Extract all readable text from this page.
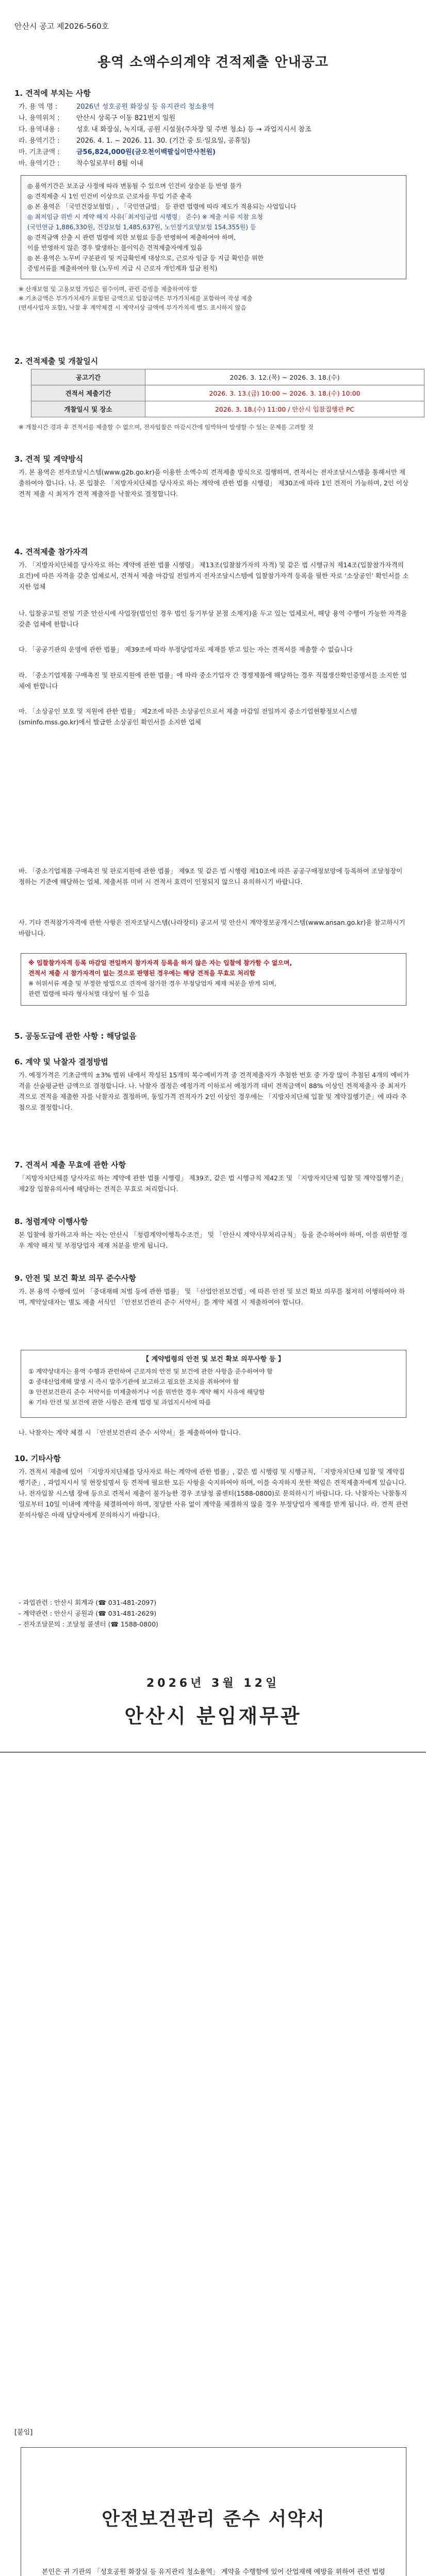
안산시 공고 제2026-560호
용역 소액수의계약 견적제출 안내공고
1. 견적에 부치는 사항
가. 용 역 명 :	2026년 성호공원 화장실 등 유지관리 청소용역
나. 용역위치 : 안산시 상록구 이동 821번지 일원
다. 용역내용 : 성호 내 화장실, 녹지대, 공원 시설물(주차장 및 주변 청소) 등 → 과업지시서 참조
라. 용역기간 : 2026. 4. 1. ~ 2026. 11. 30. (기간 중 토·일요일, 공휴일)
마. 기초금액 : 금56,824,000원(금오천이백팔십이만사천원)
바. 용역기간 : 착수일로부터 8월 이내

◎ 용역기간은 보조금 사정에 따라 변동될 수 있으며 인건비 상승분 등 반영 불가

◎ 견적제출 시 1인 인건비 이상으로 근로자를 투입 기준 충족

◎ 본 용역은 「국민건강보험법」, 「국민연금법」 등 관련 법령에 따라 제도가 적용되는 사업입니다

◎ 최저임금 위반 시 계약 해지 사유(「최저임금법 시행령」 준수) ※ 제출 서류 지참 요청

(국민연금 1,886,330원, 건강보험 1,485,637원, 노인장기요양보험 154,355원) 등

◎ 견적금액 산출 시 관련 법령에 의한 보험료 등을 반영하여 제출하여야 하며,

이를 반영하지 않은 경우 발생하는 불이익은 견적제출자에게 있음

◎ 본 용역은 노무비 구분관리 및 지급확인제 대상으로, 근로자 임금 등 지급 확인을 위한

증빙서류를 제출하여야 함 (노무비 지급 시 근로자 개인계좌 입금 원칙)

※ 산재보험 및 고용보험 가입은 필수이며, 관련 증빙을 제출하여야 함
※ 기초금액은 부가가치세가 포함된 금액으로 입찰금액은 부가가치세를 포함하여 작성 제출
(면세사업자 포함), 낙찰 후 계약체결 시 계약서상 금액에 부가가치세 별도 표시하지 않음
2. 견적제출 및 개찰일시
공고기간	2026. 3. 12.(목) ~ 2026. 3. 18.(수)
견적서 제출기간	2026. 3. 13.(금) 10:00 ~ 2026. 3. 18.(수) 10:00
개찰일시 및 장소	2026. 3. 18.(수) 11:00 / 안산시 입찰집행관 PC
※ 개찰시간 경과 후 견적서를 제출할 수 없으며, 전자입찰은 마감시간에 임박하여 발생할 수 있는 문제를 고려할 것
3. 견적 및 계약방식
가. 본 용역은 전자조달시스템(www.g2b.go.kr)을 이용한 소액수의 견적제출 방식으로 집행하며, 견적서는 전자조달시스템을 통해서만 제출하여야 합니다. 나. 본 입찰은 「지방자치단체를 당사자로 하는 계약에 관한 법률 시행령」 제30조에 따라 1인 견적이 가능하며, 2인 이상 견적 제출 시 최저가 견적 제출자를 낙찰자로 결정합니다.
4. 견적제출 참가자격
가. 「지방자치단체를 당사자로 하는 계약에 관한 법률 시행령」 제13조(입찰참가자의 자격) 및 같은 법 시행규칙 제14조(입찰참가자격의 요건)에 따른 자격을 갖춘 업체로서, 견적서 제출 마감일 전일까지 전자조달시스템에 입찰참가자격 등록을 필한 자로 ‘소상공인’ 확인서를 소지한 업체
나. 입찰공고일 전일 기준 안산시에 사업장(법인인 경우 법인 등기부상 본점 소재지)을 두고 있는 업체로서, 해당 용역 수행이 가능한 자격을 갖춘 업체에 한합니다
다. 「공공기관의 운영에 관한 법률」 제39조에 따라 부정당업자로 제재를 받고 있는 자는 견적서를 제출할 수 없습니다
라. 「중소기업제품 구매촉진 및 판로지원에 관한 법률」에 따라 중소기업자 간 경쟁제품에 해당하는 경우 직접생산확인증명서를 소지한 업체에 한합니다
마. 「소상공인 보호 및 지원에 관한 법률」 제2조에 따른 소상공인으로서 제출 마감일 전일까지 중소기업현황정보시스템(sminfo.mss.go.kr)에서 발급한 소상공인 확인서를 소지한 업체
바. 「중소기업제품 구매촉진 및 판로지원에 관한 법률」 제9조 및 같은 법 시행령 제10조에 따른 공공구매정보망에 등록하여 조달청장이 정하는 기준에 해당하는 업체. 제출서류 미비 시 견적서 효력이 인정되지 않으니 유의하시기 바랍니다.
사. 기타 견적참가자격에 관한 사항은 전자조달시스템(나라장터) 공고서 및 안산시 계약정보공개시스템(www.ansan.go.kr)을 참고하시기 바랍니다.

※ 입찰참가자격 등록 마감일 전일까지 참가자격 등록을 하지 않은 자는 입찰에 참가할 수 없으며,

견적서 제출 시 참가자격이 없는 것으로 판명된 경우에는 해당 견적을 무효로 처리함

※ 허위서류 제출 및 부정한 방법으로 견적에 참가한 경우 부정당업자 제재 처분을 받게 되며,

관련 법령에 따라 형사처벌 대상이 될 수 있음

5. 공동도급에 관한 사항 : 해당없음
6. 계약 및 낙찰자 결정방법
가. 예정가격은 기초금액의 ±3% 범위 내에서 작성된 15개의 복수예비가격 중 견적제출자가 추첨한 번호 중 가장 많이 추첨된 4개의 예비가격을 산술평균한 금액으로 결정합니다. 나. 낙찰자 결정은 예정가격 이하로서 예정가격 대비 견적금액이 88% 이상인 견적제출자 중 최저가격으로 견적을 제출한 자를 낙찰자로 결정하며, 동일가격 견적자가 2인 이상인 경우에는 「지방자치단체 입찰 및 계약집행기준」에 따라 추첨으로 결정합니다.
7. 견적서 제출 무효에 관한 사항
「지방자치단체를 당사자로 하는 계약에 관한 법률 시행령」 제39조, 같은 법 시행규칙 제42조 및 「지방자치단체 입찰 및 계약집행기준」 제2장 입찰유의서에 해당하는 견적은 무효로 처리합니다.
8. 청렴계약 이행사항
본 입찰에 참가하고자 하는 자는 안산시 「청렴계약이행특수조건」 및 「안산시 계약사무처리규칙」 등을 준수하여야 하며, 이를 위반할 경우 계약 해지 및 부정당업자 제재 처분을 받게 됩니다.
9. 안전 및 보건 확보 의무 준수사항
가. 본 용역 수행에 있어 「중대재해 처벌 등에 관한 법률」 및 「산업안전보건법」에 따른 안전 및 보건 확보 의무를 철저히 이행하여야 하며, 계약상대자는 별도 제출 서식인 「안전보건관리 준수 서약서」를 계약 체결 시 제출하여야 합니다.
【 계약법령의 안전 및 보건 확보 의무사항 등 】

① 계약상대자는 용역 수행과 관련하여 근로자의 안전 및 보건에 관한 사항을 준수하여야 함

② 중대산업재해 발생 시 즉시 발주기관에 보고하고 필요한 조치를 취하여야 함

③ 안전보건관리 준수 서약서를 미제출하거나 이를 위반한 경우 계약 해지 사유에 해당함

④ 기타 안전 및 보건에 관한 사항은 관계 법령 및 과업지시서에 따름

나. 낙찰자는 계약 체결 시 「안전보건관리 준수 서약서」를 제출하여야 합니다.
10. 기타사항
가. 견적서 제출에 있어 「지방자치단체를 당사자로 하는 계약에 관한 법률」, 같은 법 시행령 및 시행규칙, 「지방자치단체 입찰 및 계약집행기준」, 과업지시서 및 현장설명서 등 견적에 필요한 모든 사항을 숙지하여야 하며, 이를 숙지하지 못한 책임은 견적제출자에게 있습니다. 나. 전자입찰 시스템 장애 등으로 견적서 제출이 불가능한 경우 조달청 콜센터(1588-0800)로 문의하시기 바랍니다. 다. 낙찰자는 낙찰통지일로부터 10일 이내에 계약을 체결하여야 하며, 정당한 사유 없이 계약을 체결하지 않을 경우 부정당업자 제재를 받게 됩니다. 라. 견적 관련 문의사항은 아래 담당자에게 문의하시기 바랍니다.
- 과업관련 : 안산시 회계과 (☎ 031-481-2097)
- 계약관련 : 안산시 공원과 (☎ 031-481-2629)
- 전자조달문의 : 조달청 콜센터 (☎ 1588-0800)
2026년 3월 12일
안산시 분임재무관
[붙임]
안전보건관리 준수 서약서
본인은 귀 기관의 「성호공원 화장실 등 유지관리 청소용역」 계약을 수행함에 있어 산업재해 예방을 위하여 관련 법령
